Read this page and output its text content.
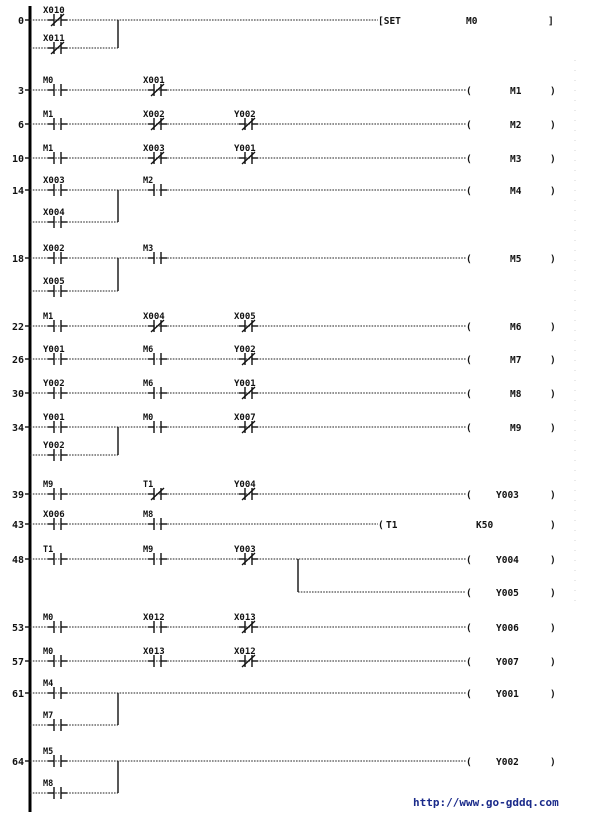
0
X010
X011
[SET	M0	]
3
M0	X001
(	M1	)
6
M1	X002	Y002
(	M2	)
10
M1	X003	Y001
(	M3	)
14
X003	M2
X004
(	M4	)
18
X002	M3
X005
(	M5	)
22
M1	X004	X005
(	M6	)
26
Y001	M6	Y002
(	M7	)
30
Y002	M6	Y001
(	M8	)
34
Y001	M0	X007
Y002
(	M9	)
39
M9	T1	Y004
(	Y003	)
43
X006	M8
( T1	K50	)
48
T1	M9	Y003
(	Y004	)
(	Y005	)
53
M0	X012	X013
(	Y006	)
57
M0	X013	X012
(	Y007	)
61
M4
M7
(	Y001	)
64
M5
M8
(	Y002	)
http://www.go-gddq.com
